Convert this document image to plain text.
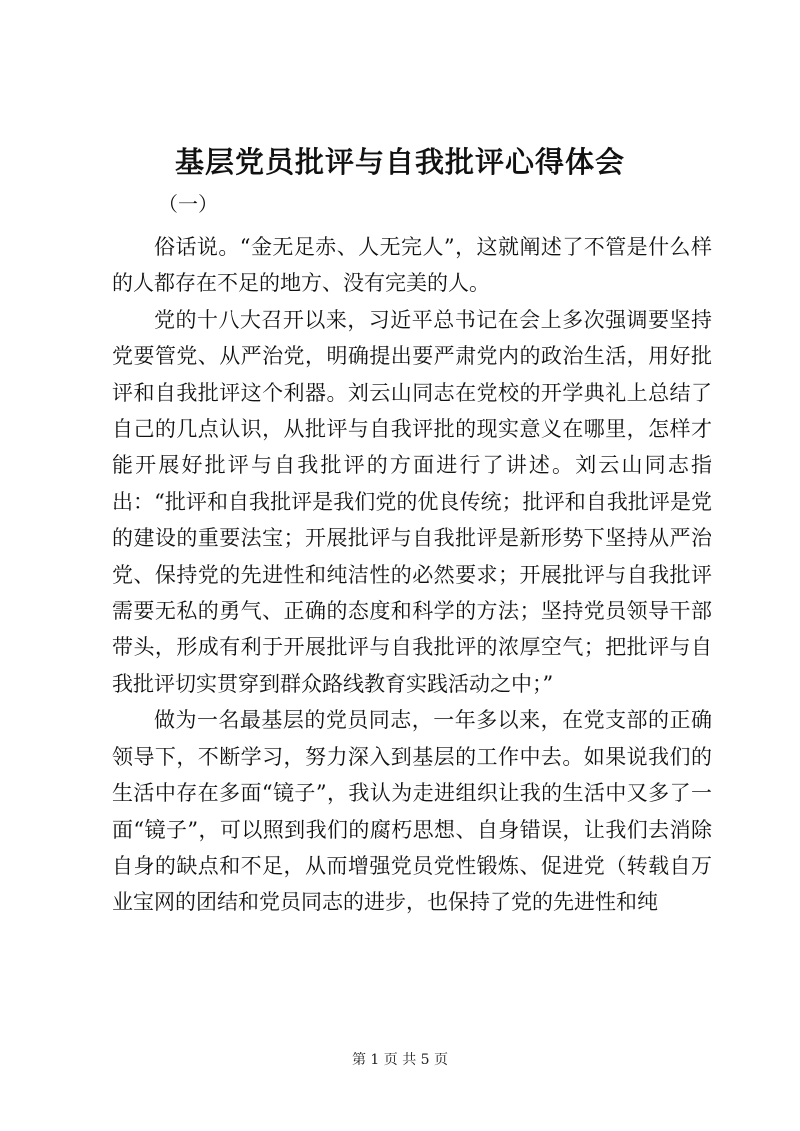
基层党员批评与自我批评心得体会

（一）

俗话说。“金无足赤、人无完人”，这就阐述了不管是什么样的人都存在不足的地方、没有完美的人。

党的十八大召开以来，习近平总书记在会上多次强调要坚持党要管党、从严治党，明确提出要严肃党内的政治生活，用好批评和自我批评这个利器。刘云山同志在党校的开学典礼上总结了自己的几点认识，从批评与自我评批的现实意义在哪里，怎样才能开展好批评与自我批评的方面进行了讲述。刘云山同志指出：“批评和自我批评是我们党的优良传统；批评和自我批评是党的建设的重要法宝；开展批评与自我批评是新形势下坚持从严治党、保持党的先进性和纯洁性的必然要求；开展批评与自我批评需要无私的勇气、正确的态度和科学的方法；坚持党员领导干部带头，形成有利于开展批评与自我批评的浓厚空气；把批评与自我批评切实贯穿到群众路线教育实践活动之中；”

做为一名最基层的党员同志，一年多以来，在党支部的正确领导下，不断学习，努力深入到基层的工作中去。如果说我们的生活中存在多面“镜子”，我认为走进组织让我的生活中又多了一面“镜子”，可以照到我们的腐朽思想、自身错误，让我们去消除自身的缺点和不足，从而增强党员党性锻炼、促进党（转载自万业宝网的团结和党员同志的进步，也保持了党的先进性和纯

第 1 页 共 5 页
